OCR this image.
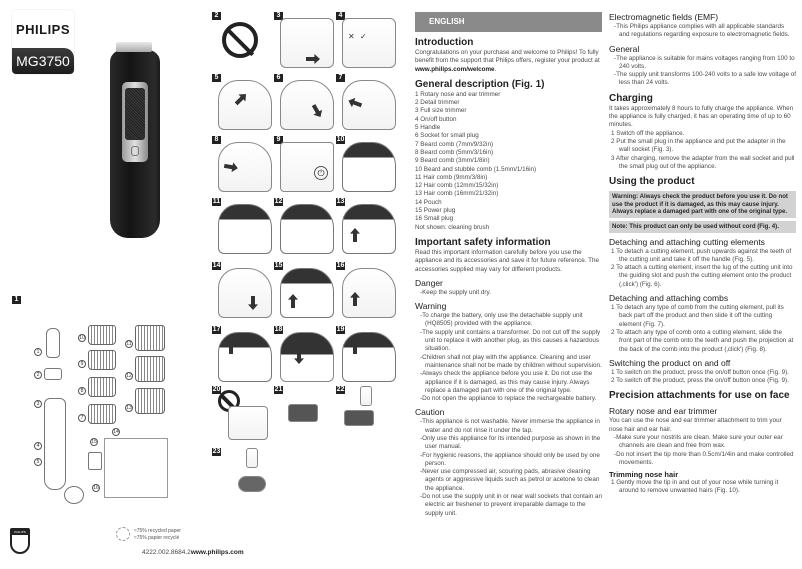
PHILIPS
MG3750
1
1
2
3
4
5
10
9
8
7
11
12
13
14
15
16
2	3	4
✕ ✓
5	6	7
8	9
⏻
10
11	12	13
14	15	16
17	18	19
20	21	22
23
PHILIPS	≈75% recycled paper
≈75% papier recyclé
4222.002.8684.2www.philips.com
ENGLISH
Introduction

Congratulations on your purchase and welcome to Philips! To fully benefit from the support that Philips offers, register your product at www.philips.com/welcome.

General description (Fig. 1)
1 Rotary nose and ear trimmer
2 Detail trimmer
3 Full size trimmer
4 On/off button
5 Handle
6 Socket for small plug
7 Beard comb (7mm/9/32in)
8 Beard comb (5mm/3/16in)
9 Beard comb (3mm/1/8in)
10 Beard and stubble comb (1.5mm/1/16in)
11 Hair comb (9mm/3/8in)
12 Hair comb (12mm/15/32in)
13 Hair comb (16mm/21/32in)
14 Pouch
15 Power plug
16 Small plug
Not shown: cleaning brush
Important safety information

Read this important information carefully before you use the appliance and its accessories and save it for future reference. The accessories supplied may vary for different products.

Danger
-Keep the supply unit dry.
Warning
-To charge the battery, only use the detachable supply unit (HQ8505) provided with the appliance.
-The supply unit contains a transformer. Do not cut off the supply unit to replace it with another plug, as this causes a hazardous situation.
-Children shall not play with the appliance. Cleaning and user maintenance shall not be made by children without supervision.
-Always check the appliance before you use it. Do not use the appliance if it is damaged, as this may cause injury. Always replace a damaged part with one of the original type.
-Do not open the appliance to replace the rechargeable battery.
Caution
-This appliance is not washable. Never immerse the appliance in water and do not rinse it under the tap.
-Only use this appliance for its intended purpose as shown in the user manual.
-For hygienic reasons, the appliance should only be used by one person.
-Never use compressed air, scouring pads, abrasive cleaning agents or aggressive liquids such as petrol or acetone to clean the appliance.
-Do not use the supply unit in or near wall sockets that contain an electric air freshener to prevent irreparable damage to the supply unit.
Electromagnetic fields (EMF)
-This Philips appliance complies with all applicable standards and regulations regarding exposure to electromagnetic fields.
General
-The appliance is suitable for mains voltages ranging from 100 to 240 volts.
-The supply unit transforms 100-240 volts to a safe low voltage of less than 24 volts.
Charging

It takes approximately 8 hours to fully charge the appliance. When the appliance is fully charged, it has an operating time of up to 60 minutes.

1 Switch off the appliance.
2 Put the small plug in the appliance and put the adapter in the wall socket (Fig. 3).
3 After charging, remove the adapter from the wall socket and pull the small plug out of the appliance.
Using the product
Warning: Always check the product before you use it. Do not use the product if it is damaged, as this may cause injury. Always replace a damaged part with one of the original type.
Note: This product can only be used without cord (Fig. 4).
Detaching and attaching cutting elements
1 To detach a cutting element, push upwards against the teeth of the cutting unit and take it off the handle (Fig. 5).
2 To attach a cutting element, insert the lug of the cutting unit into the guiding slot and push the cutting element onto the product (‚click') (Fig. 6).
Detaching and attaching combs
1 To detach any type of comb from the cutting element, pull its back part off the product and then slide it off the cutting element (Fig. 7).
2 To attach any type of comb onto a cutting element, slide the front part of the comb onto the teeth and push the projection at the back of the comb into the product (‚click') (Fig. 8).
Switching the product on and off
1 To switch on the product, press the on/off button once (Fig. 9).
2 To switch off the product, press the on/off button once (Fig. 9).
Precision attachments for use on face
Rotary nose and ear trimmer

You can use the nose and ear trimmer attachment to trim your nose hair and ear hair.

-Make sure your nostrils are clean. Make sure your outer ear channels are clean and free from wax.
-Do not insert the tip more than 0.5cm/1/4in and make controlled movements.
Trimming nose hair
1 Gently move the tip in and out of your nose while turning it around to remove unwanted hairs (Fig. 10).
